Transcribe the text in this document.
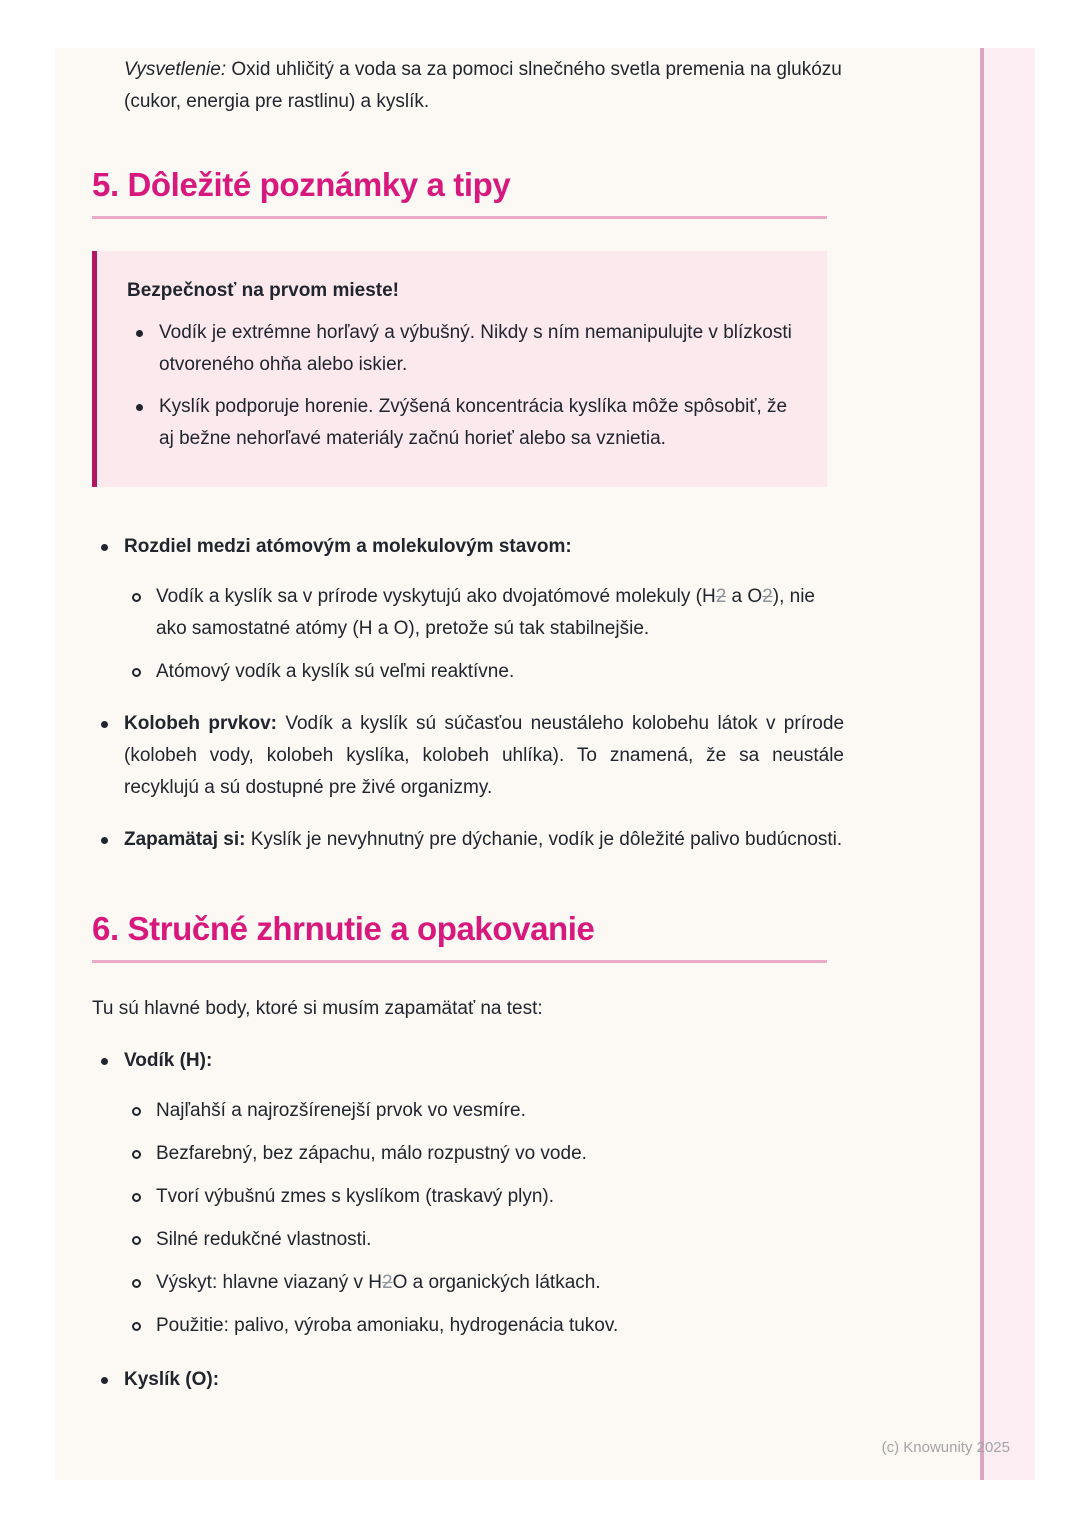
Vysvetlenie: Oxid uhličitý a voda sa za pomoci slnečného svetla premenia na glukózu (cukor, energia pre rastlinu) a kyslík.

5. Dôležité poznámky a tipy

Bezpečnosť na prvom mieste!

Vodík je extrémne horľavý a výbušný. Nikdy s ním nemanipulujte v blízkosti otvoreného ohňa alebo iskier.
Kyslík podporuje horenie. Zvýšená koncentrácia kyslíka môže spôsobiť, že aj bežne nehorľavé materiály začnú horieť alebo sa vznietia.
Rozdiel medzi atómovým a molekulovým stavom:
Vodík a kyslík sa v prírode vyskytujú ako dvojatómové molekuly (H2 a O2), nie ako samostatné atómy (H a O), pretože sú tak stabilnejšie.
Atómový vodík a kyslík sú veľmi reaktívne.
Kolobeh prvkov: Vodík a kyslík sú súčasťou neustáleho kolobehu látok v prírode (kolobeh vody, kolobeh kyslíka, kolobeh uhlíka). To znamená, že sa neustále recyklujú a sú dostupné pre živé organizmy.
Zapamätaj si: Kyslík je nevyhnutný pre dýchanie, vodík je dôležité palivo budúcnosti.
6. Stručné zhrnutie a opakovanie

Tu sú hlavné body, ktoré si musím zapamätať na test:

Vodík (H):
Najľahší a najrozšírenejší prvok vo vesmíre.
Bezfarebný, bez zápachu, málo rozpustný vo vode.
Tvorí výbušnú zmes s kyslíkom (traskavý plyn).
Silné redukčné vlastnosti.
Výskyt: hlavne viazaný v H2O a organických látkach.
Použitie: palivo, výroba amoniaku, hydrogenácia tukov.
Kyslík (O):
(c) Knowunity 2025
